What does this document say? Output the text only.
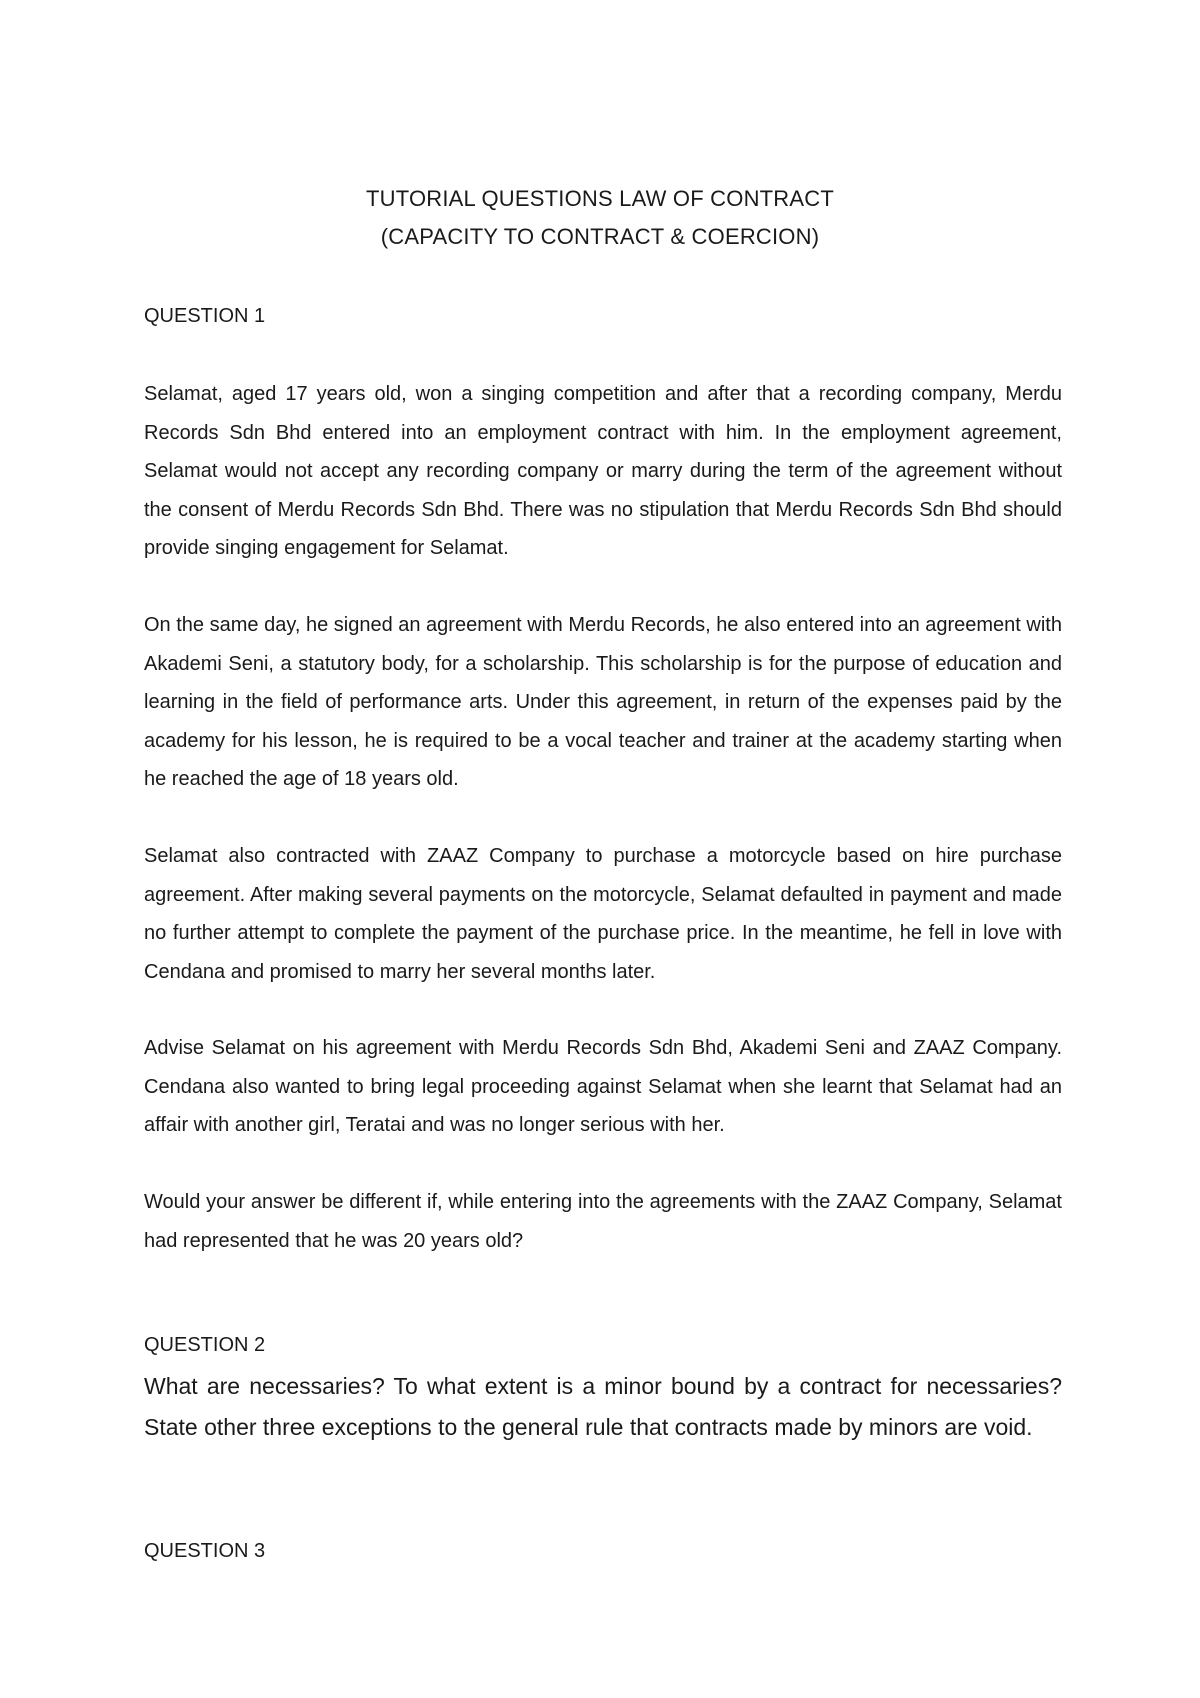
TUTORIAL QUESTIONS LAW OF CONTRACT
(CAPACITY TO CONTRACT & COERCION)
QUESTION 1

Selamat, aged 17 years old, won a singing competition and after that a recording company, Merdu Records Sdn Bhd entered into an employment contract with him. In the employment agreement, Selamat would not accept any recording company or marry during the term of the agreement without the consent of Merdu Records Sdn Bhd. There was no stipulation that Merdu Records Sdn Bhd should provide singing engagement for Selamat.

On the same day, he signed an agreement with Merdu Records, he also entered into an agreement with Akademi Seni, a statutory body, for a scholarship. This scholarship is for the purpose of education and learning in the field of performance arts. Under this agreement, in return of the expenses paid by the academy for his lesson, he is required to be a vocal teacher and trainer at the academy starting when he reached the age of 18 years old.

Selamat also contracted with ZAAZ Company to purchase a motorcycle based on hire purchase agreement. After making several payments on the motorcycle, Selamat defaulted in payment and made no further attempt to complete the payment of the purchase price. In the meantime, he fell in love with Cendana and promised to marry her several months later.

Advise Selamat on his agreement with Merdu Records Sdn Bhd, Akademi Seni and ZAAZ Company. Cendana also wanted to bring legal proceeding against Selamat when she learnt that Selamat had an affair with another girl, Teratai and was no longer serious with her.

Would your answer be different if, while entering into the agreements with the ZAAZ Company, Selamat had represented that he was 20 years old?

QUESTION 2

What are necessaries? To what extent is a minor bound by a contract for necessaries? State other three exceptions to the general rule that contracts made by minors are void.

QUESTION 3
